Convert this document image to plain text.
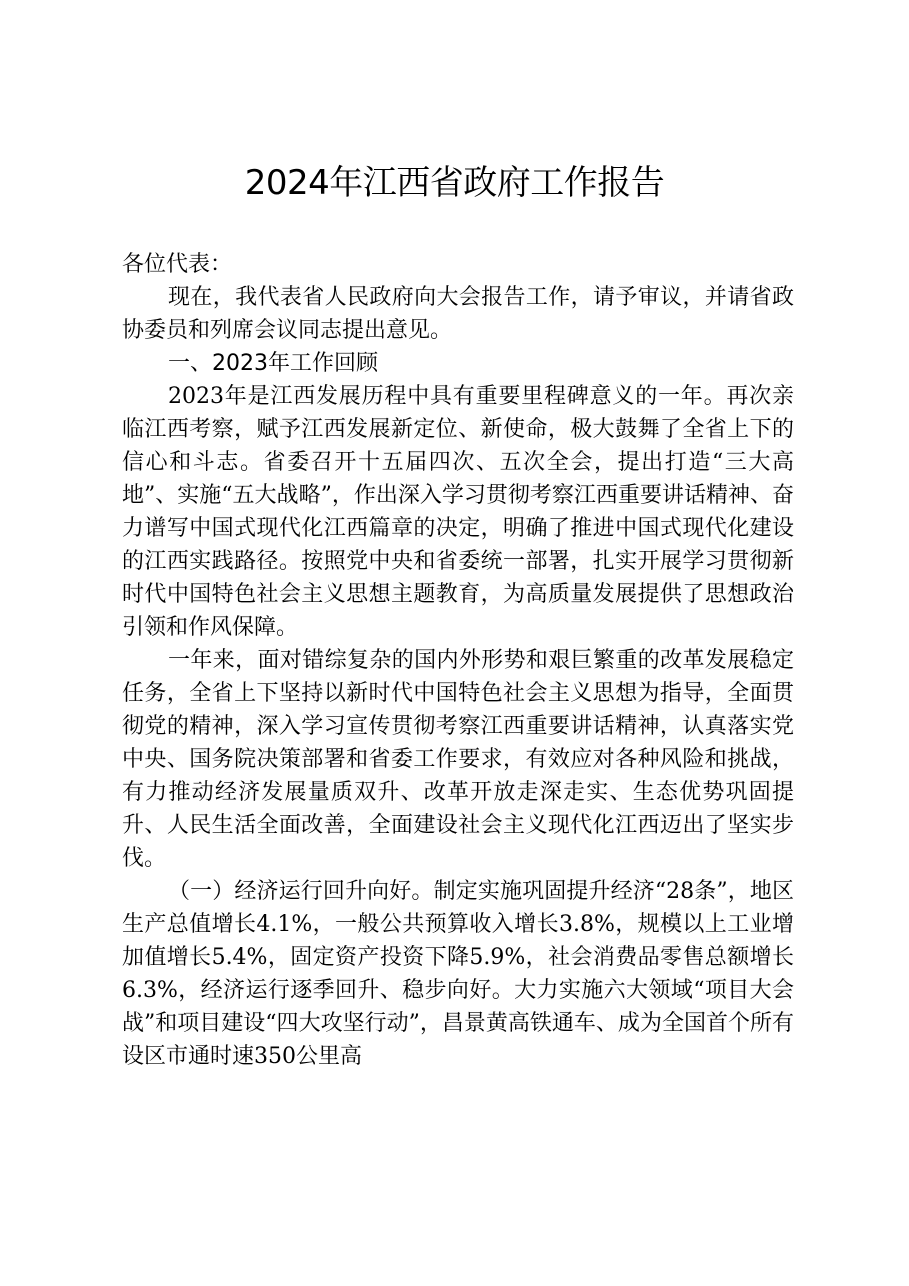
2024年江西省政府工作报告

各位代表：

现在，我代表省人民政府向大会报告工作，请予审议，并请省政协委员和列席会议同志提出意见。

一、2023年工作回顾

2023年是江西发展历程中具有重要里程碑意义的一年。再次亲临江西考察，赋予江西发展新定位、新使命，极大鼓舞了全省上下的信心和斗志。省委召开十五届四次、五次全会，提出打造“三大高地”、实施“五大战略”，作出深入学习贯彻考察江西重要讲话精神、奋力谱写中国式现代化江西篇章的决定，明确了推进中国式现代化建设的江西实践路径。按照党中央和省委统一部署，扎实开展学习贯彻新时代中国特色社会主义思想主题教育，为高质量发展提供了思想政治引领和作风保障。

一年来，面对错综复杂的国内外形势和艰巨繁重的改革发展稳定任务，全省上下坚持以新时代中国特色社会主义思想为指导，全面贯彻党的精神，深入学习宣传贯彻考察江西重要讲话精神，认真落实党中央、国务院决策部署和省委工作要求，有效应对各种风险和挑战，有力推动经济发展量质双升、改革开放走深走实、生态优势巩固提升、人民生活全面改善，全面建设社会主义现代化江西迈出了坚实步伐。

（一）经济运行回升向好。制定实施巩固提升经济“28条”，地区生产总值增长4.1%，一般公共预算收入增长3.8%，规模以上工业增加值增长5.4%，固定资产投资下降5.9%，社会消费品零售总额增长6.3%，经济运行逐季回升、稳步向好。大力实施六大领域“项目大会战”和项目建设“四大攻坚行动”，昌景黄高铁通车、成为全国首个所有设区市通时速350公里高
